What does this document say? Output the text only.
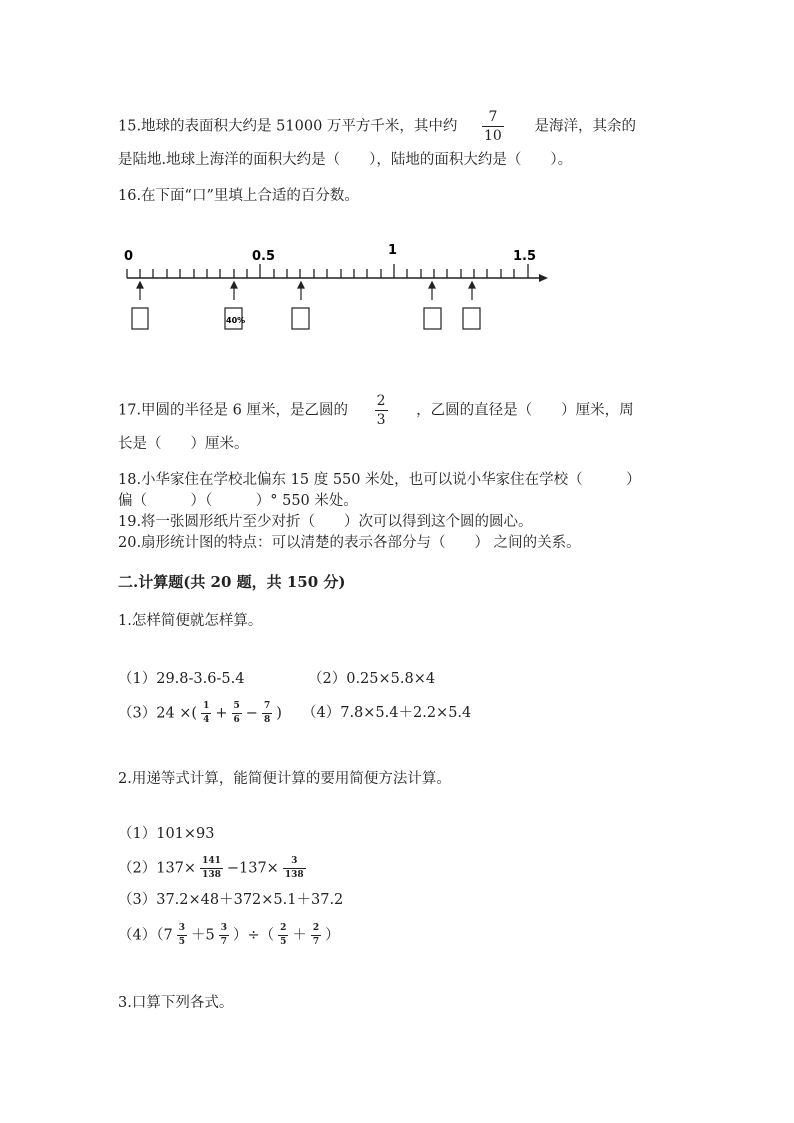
15.地球的表面积大约是 51000 万平方千米，其中约 $\frac{7}{10}$ 是海洋，其余的
是陆地.地球上海洋的面积大约是（　　），陆地的面积大约是（　　）。
16.在下面“口”里填上合适的百分数。
0	0.5	1	1.5
40%
17.甲圆的半径是 6 厘米，是乙圆的 $\frac{2}{3}$ ，乙圆的直径是（　　）厘米，周
长是（　　）厘米。
18.小华家住在学校北偏东 15 度 550 米处，也可以说小华家住在学校（　　　）
偏（　　　）（　　　）° 550 米处。
19.将一张圆形纸片至少对折（　　）次可以得到这个圆的圆心。
20.扇形统计图的特点：可以清楚的表示各部分与（　　） 之间的关系。
二.计算题(共 20 题，共 150 分)
1.怎样简便就怎样算。
（1）29.8-3.6-5.4	（2）0.25×5.8×4
（3）24 ×( $\frac{1}{4} + \frac{5}{6} - \frac{7}{8}$ ) （4）7.8×5.4＋2.2×5.4
2.用递等式计算，能简便计算的要用简便方法计算。
（1）101×93
$(2)137\times \frac{141}{138} -137\times \frac{3}{138}$
（3）37.2×48＋372×5.1＋37.2
$(4)(7 \frac{3}{5} +5 \frac{3}{7}$ ）÷（ $\frac{2}{5} + \frac{2}{7}$ ）
3.口算下列各式。
